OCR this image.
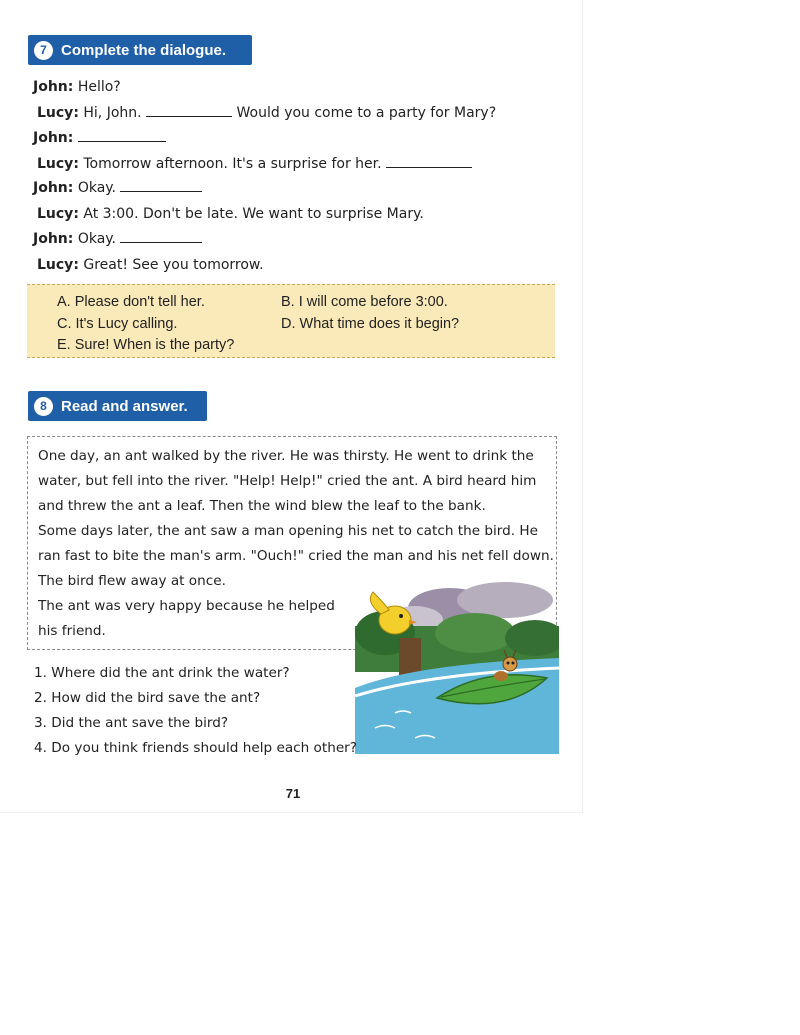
7 Complete the dialogue.
John: Hello?
Lucy: Hi, John.	Would you come to a party for Mary?
John:
Lucy: Tomorrow afternoon. It's a surprise for her.
John: Okay.
Lucy: At 3:00. Don't be late. We want to surprise Mary.
John: Okay.
Lucy: Great! See you tomorrow.
A. Please don't tell her.	B. I will come before 3:00.
C. It's Lucy calling.	D. What time does it begin?
E. Sure! When is the party?
8 Read and answer.
One day, an ant walked by the river. He was thirsty. He went to drink the
water, but fell into the river. "Help! Help!" cried the ant. A bird heard him
and threw the ant a leaf. Then the wind blew the leaf to the bank.
Some days later, the ant saw a man opening his net to catch the bird. He
ran fast to bite the man's arm. "Ouch!" cried the man and his net fell down.
The bird flew away at once.
The ant was very happy because he helped
his friend.
1. Where did the ant drink the water?
2. How did the bird save the ant?
3. Did the ant save the bird?
4. Do you think friends should help each other?
71
